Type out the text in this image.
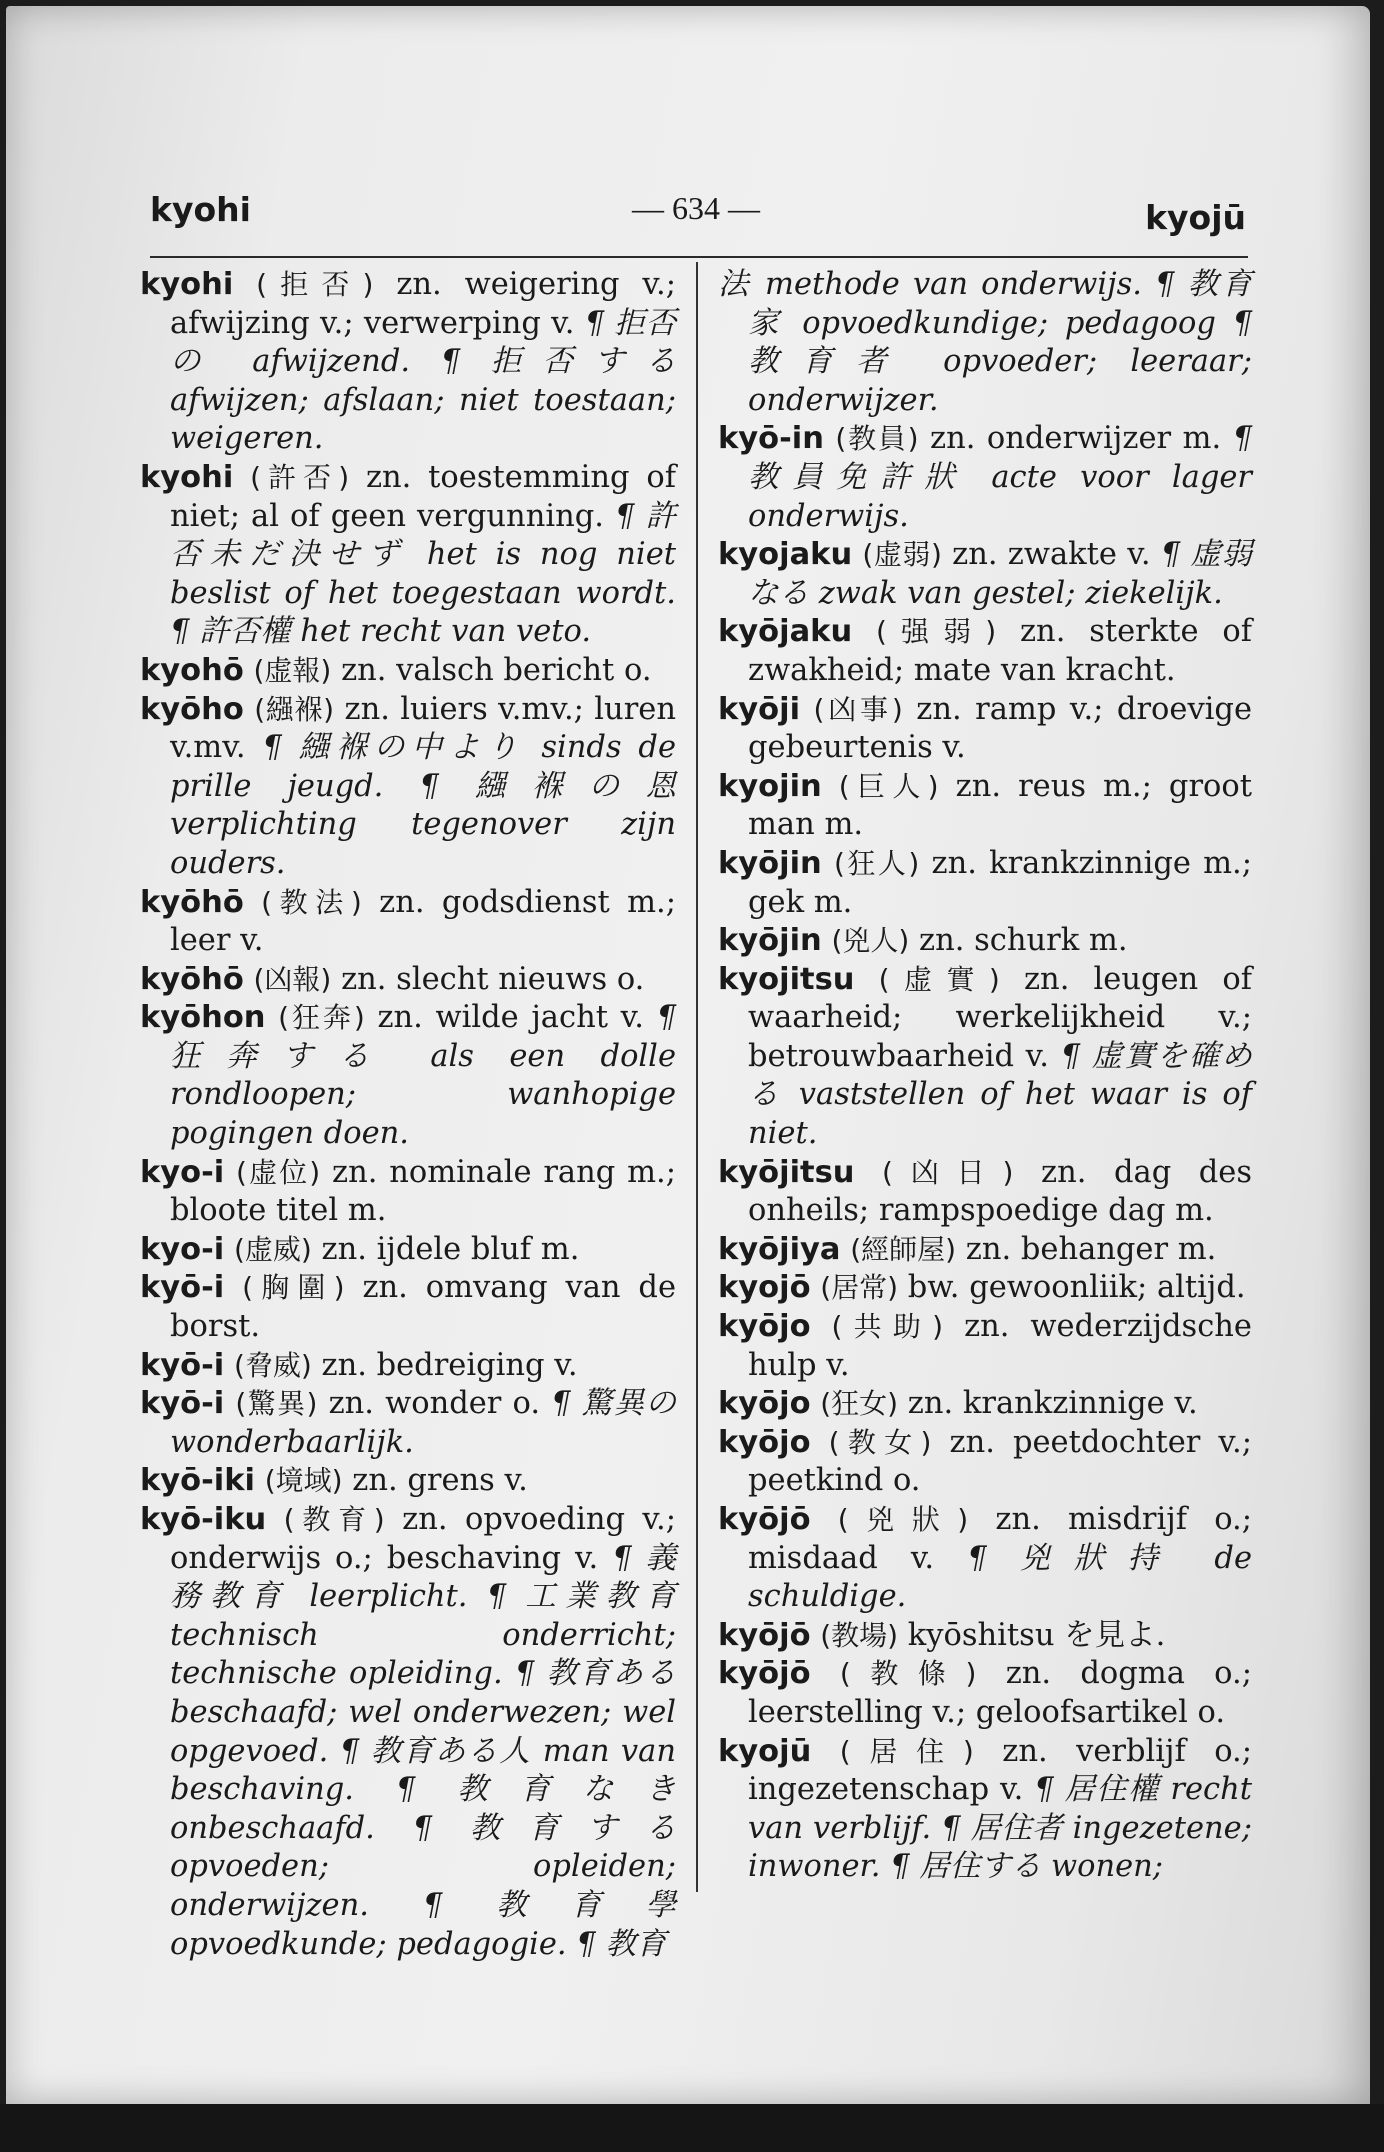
kyohi	— 634 —	kyojū

kyohi (拒否) zn. weigering v.; afwijzing v.; verwerping v. ¶ 拒否の afwijzend. ¶ 拒否する afwijzen; afslaan; niet toestaan; weigeren.

kyohi (許否) zn. toestemming of niet; al of geen vergunning. ¶ 許否未だ決せず het is nog niet beslist of het toegestaan wordt. ¶ 許否權 het recht van veto.

kyohō (虚報) zn. valsch bericht o.

kyōho (繦褓) zn. luiers v.mv.; luren v.mv. ¶ 繦褓の中より sinds de prille jeugd. ¶ 繦褓の恩 verplichting tegenover zijn ouders.

kyōhō (教法) zn. godsdienst m.; leer v.

kyōhō (凶報) zn. slecht nieuws o.

kyōhon (狂奔) zn. wilde jacht v. ¶ 狂奔する als een dolle rondloopen; wanhopige pogingen doen.

kyo-i (虚位) zn. nominale rang m.; bloote titel m.

kyo-i (虚威) zn. ijdele bluf m.

kyō-i (胸圍) zn. omvang van de borst.

kyō-i (脅威) zn. bedreiging v.

kyō-i (驚異) zn. wonder o. ¶ 驚異の wonderbaarlijk.

kyō-iki (境域) zn. grens v.

kyō-iku (教育) zn. opvoeding v.; onderwijs o.; beschaving v. ¶ 義務教育 leerplicht. ¶ 工業教育 technisch onderricht; technische opleiding. ¶ 教育ある beschaafd; wel onderwezen; wel opgevoed. ¶ 教育ある人 man van beschaving. ¶ 教育なき onbeschaafd. ¶ 教育する opvoeden; opleiden; onderwijzen. ¶ 教育學 opvoedkunde; pedagogie. ¶ 教育

法 methode van onderwijs. ¶ 教育家 opvoedkundige; pedagoog ¶ 教育者 opvoeder; leeraar; onderwijzer.

kyō-in (教員) zn. onderwijzer m. ¶ 教員免許狀 acte voor lager onderwijs.

kyojaku (虚弱) zn. zwakte v. ¶ 虚弱なる zwak van gestel; ziekelijk.

kyōjaku (强弱) zn. sterkte of zwakheid; mate van kracht.

kyōji (凶事) zn. ramp v.; droevige gebeurtenis v.

kyojin (巨人) zn. reus m.; groot man m.

kyōjin (狂人) zn. krankzinnige m.; gek m.

kyōjin (兇人) zn. schurk m.

kyojitsu (虚實) zn. leugen of waarheid; werkelijkheid v.; betrouwbaarheid v. ¶ 虚實を確める vaststellen of het waar is of niet.

kyōjitsu (凶日) zn. dag des onheils; rampspoedige dag m.

kyōjiya (經師屋) zn. behanger m.

kyojō (居常) bw. gewoonliik; altijd.

kyōjo (共助) zn. wederzijdsche hulp v.

kyōjo (狂女) zn. krankzinnige v.

kyōjo (教女) zn. peetdochter v.; peetkind o.

kyōjō (兇狀) zn. misdrijf o.; misdaad v. ¶ 兇狀持 de schuldige.

kyōjō (教場) kyōshitsu を見よ.

kyōjō (教條) zn. dogma o.; leerstelling v.; geloofsartikel o.

kyojū (居住) zn. verblijf o.; ingezetenschap v. ¶ 居住權 recht van verblijf. ¶ 居住者 ingezetene; inwoner. ¶ 居住する wonen;
